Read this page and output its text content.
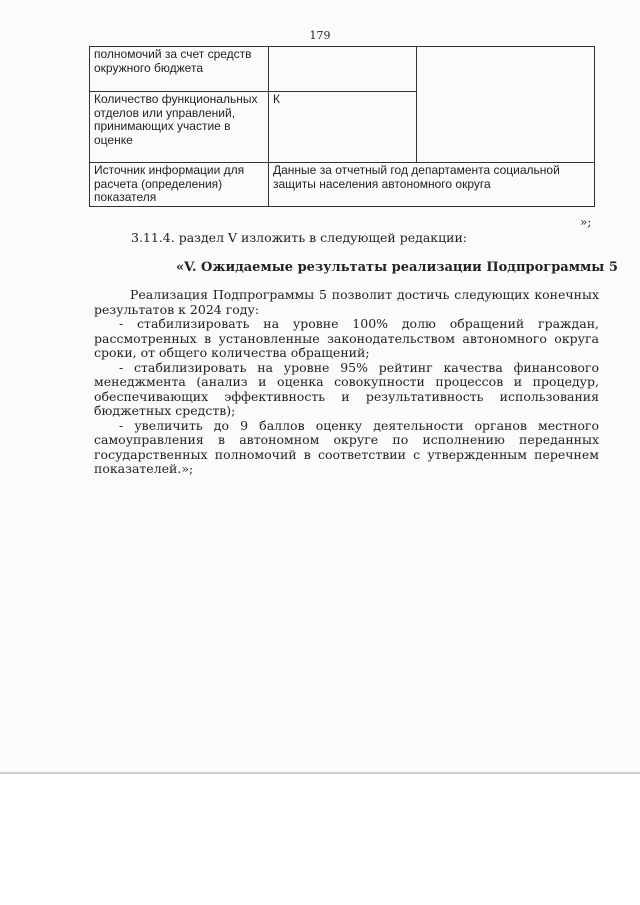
179
полномочий за счет средств окружного бюджета		
Количество функциональных отделов или управлений, принимающих участие в оценке	К	
Источник информации для расчета (определения) показателя	Данные за отчетный год департамента социальной защиты населения автономного округа	
»;
3.11.4. раздел V изложить в следующей редакции:
«V. Ожидаемые результаты реализации Подпрограммы 5
Реализация Подпрограммы 5 позволит достичь следующих конечных результатов к 2024 году:
- стабилизировать на уровне 100% долю обращений граждан, рассмотренных в установленные законодательством автономного округа сроки, от общего количества обращений;
- стабилизировать на уровне 95% рейтинг качества финансового менеджмента (анализ и оценка совокупности процессов и процедур, обеспечивающих эффективность и результативность использования бюджетных средств);
- увеличить до 9 баллов оценку деятельности органов местного самоуправления в автономном округе по исполнению переданных государственных полномочий в соответствии с утвержденным перечнем показателей.»;
